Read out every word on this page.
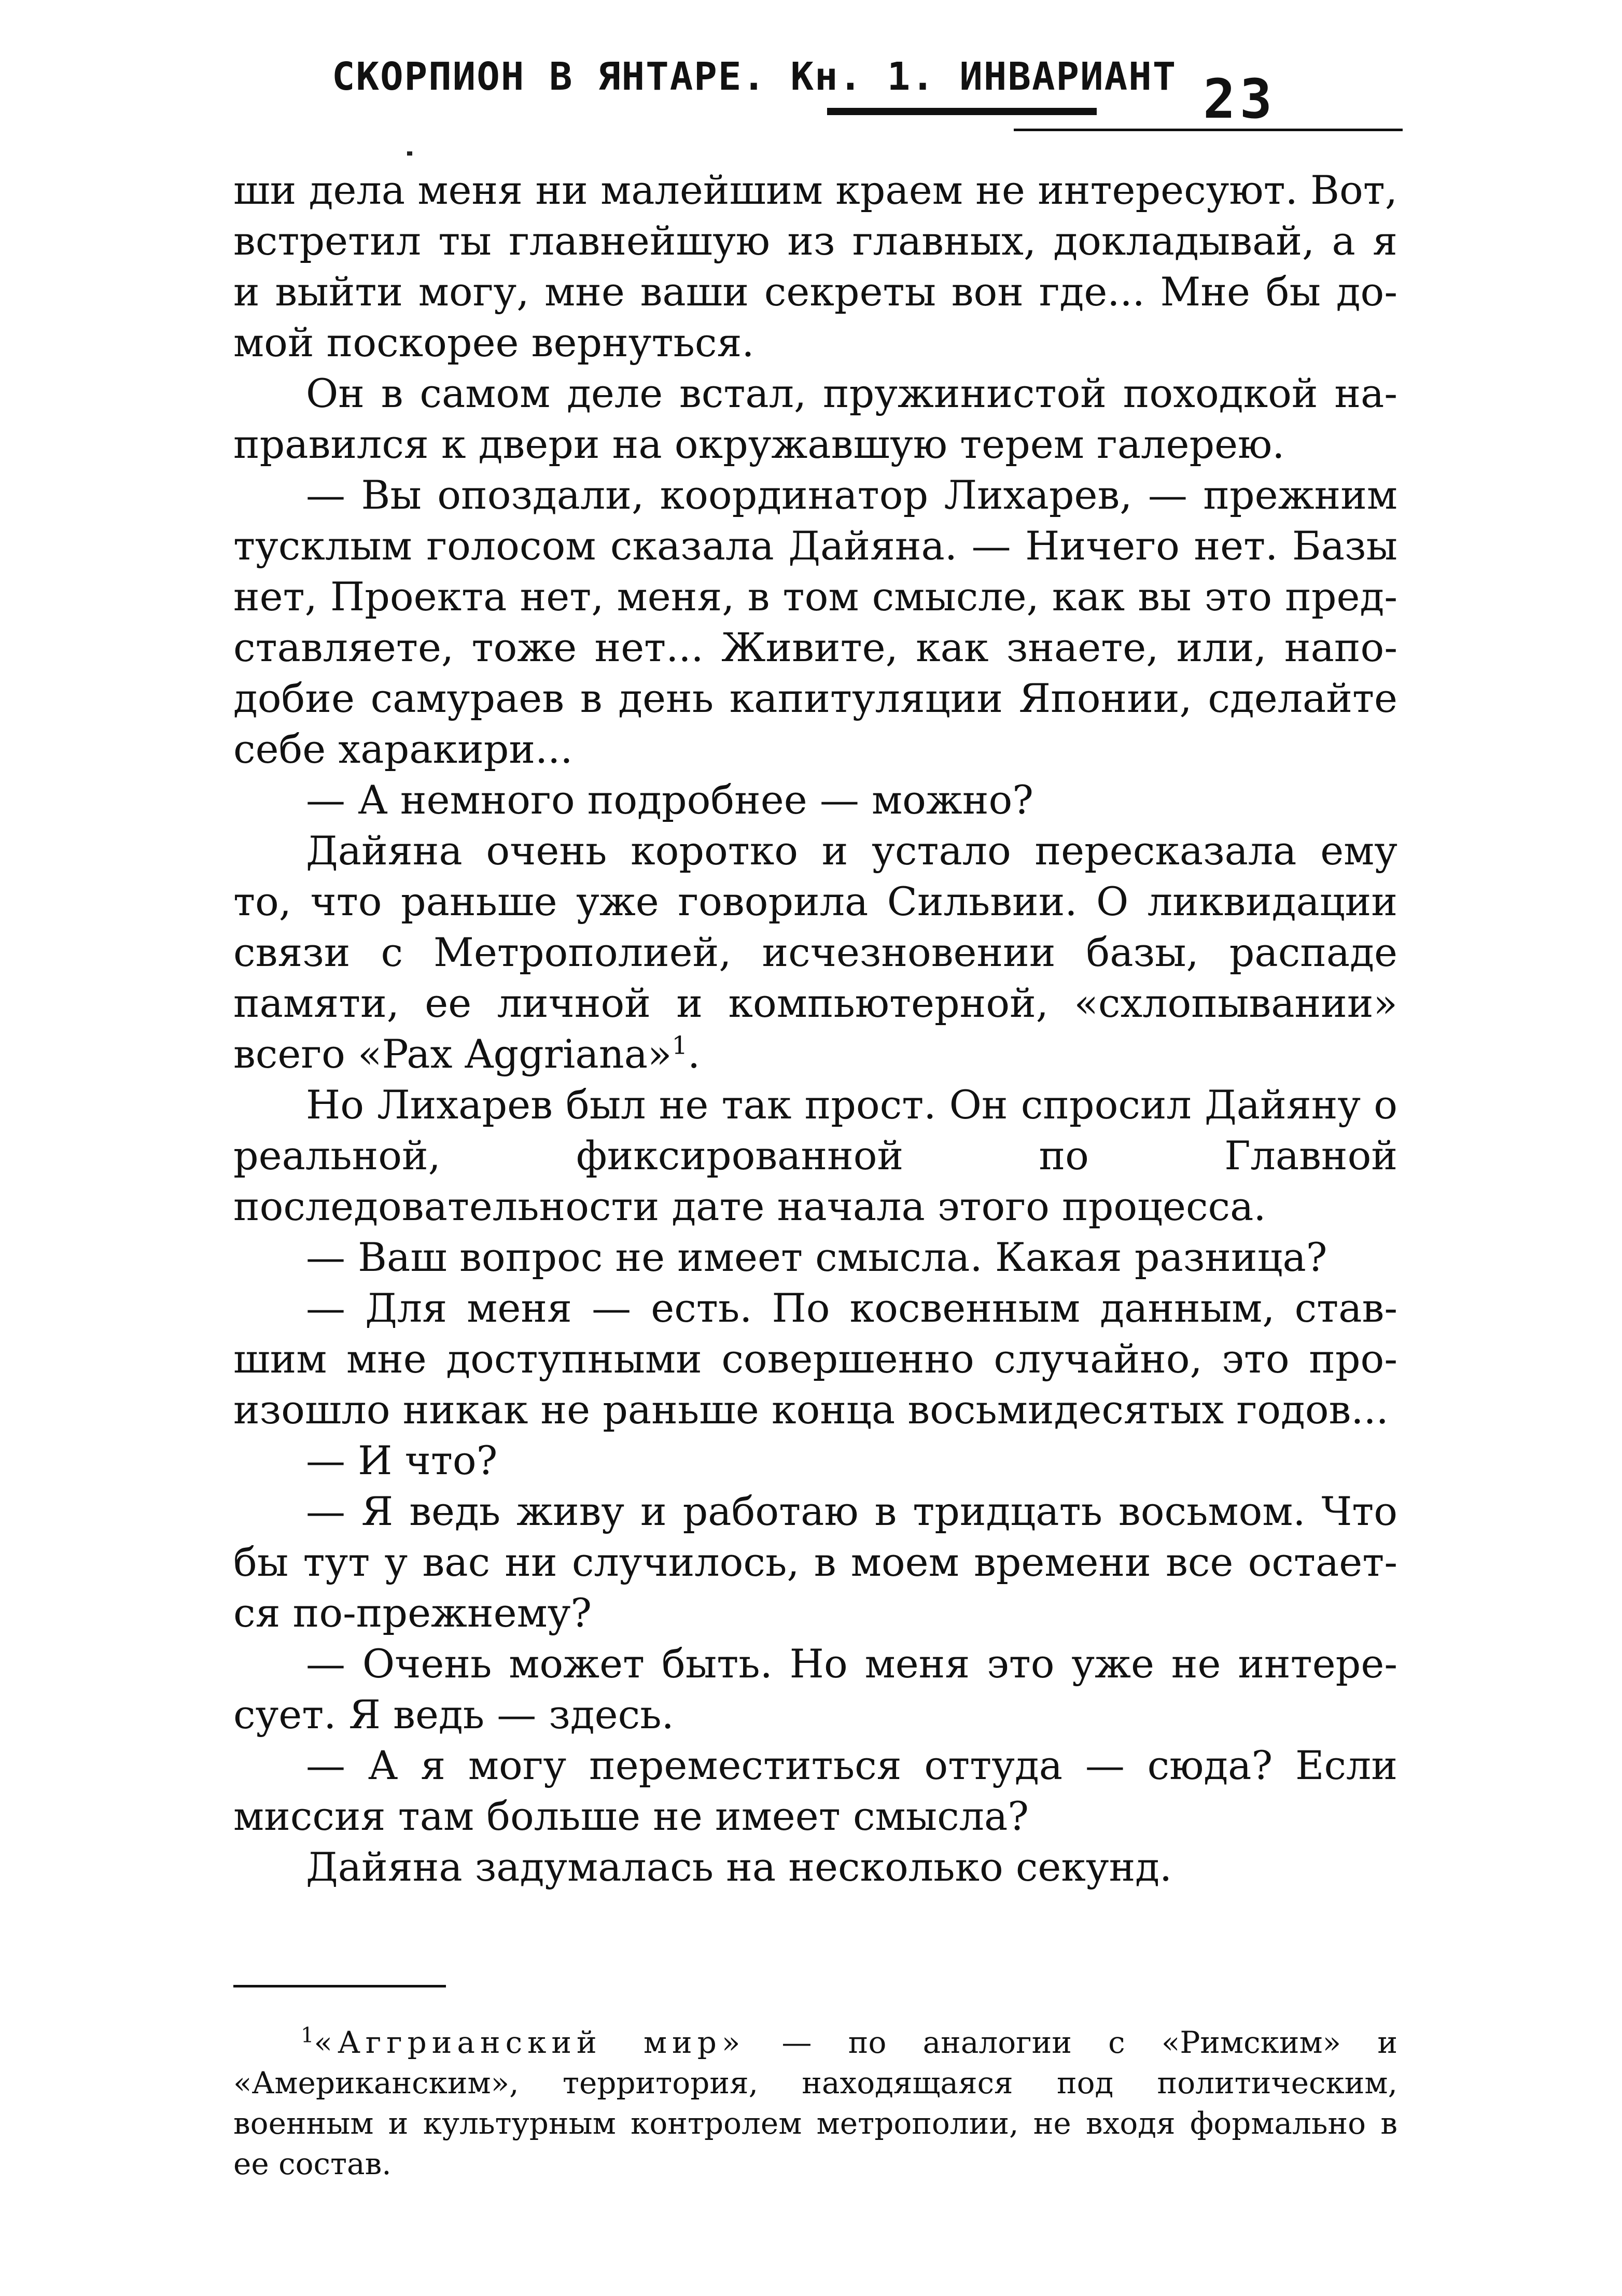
СКОРПИОН В ЯНТАРЕ. Кн. 1. ИНВАРИАНТ 23

ши дела меня ни малейшим краем не интересуют. Вот, встретил ты главнейшую из главных, докладывай, а я и выйти могу, мне ваши секреты вон где... Мне бы домой поскорее вернуться.

Он в самом деле встал, пружинистой походкой направился к двери на окружавшую терем галерею.

— Вы опоздали, координатор Лихарев, — прежним тусклым голосом сказала Дайяна. — Ничего нет. Базы нет, Проекта нет, меня, в том смысле, как вы это представляете, тоже нет... Живите, как знаете, или, наподобие самураев в день капитуляции Японии, сделайте себе харакири...

— А немного подробнее — можно?

Дайяна очень коротко и устало пересказала ему то, что раньше уже говорила Сильвии. О ликвидации связи с Метрополией, исчезновении базы, распаде памяти, ее личной и компьютерной, «схлопывании» всего «Pax Aggriana»$^1$.

Но Лихарев был не так прост. Он спросил Дайяну о реальной, фиксированной по Главной последовательности дате начала этого процесса.

— Ваш вопрос не имеет смысла. Какая разница?

— Для меня — есть. По косвенным данным, ставшим мне доступными совершенно случайно, это произошло никак не раньше конца восьмидесятых годов...

— И что?

— Я ведь живу и работаю в тридцать восьмом. Что бы тут у вас ни случилось, в моем времени все остается по-прежнему?

— Очень может быть. Но меня это уже не интересует. Я ведь — здесь.

— А я могу переместиться оттуда — сюда? Если миссия там больше не имеет смысла?

Дайяна задумалась на несколько секунд.

$^1$«Аггрианский мир» — по аналогии с «Римским» и «Американским», территория, находящаяся под политическим, военным и культурным контролем метрополии, не входя формально в ее состав.
